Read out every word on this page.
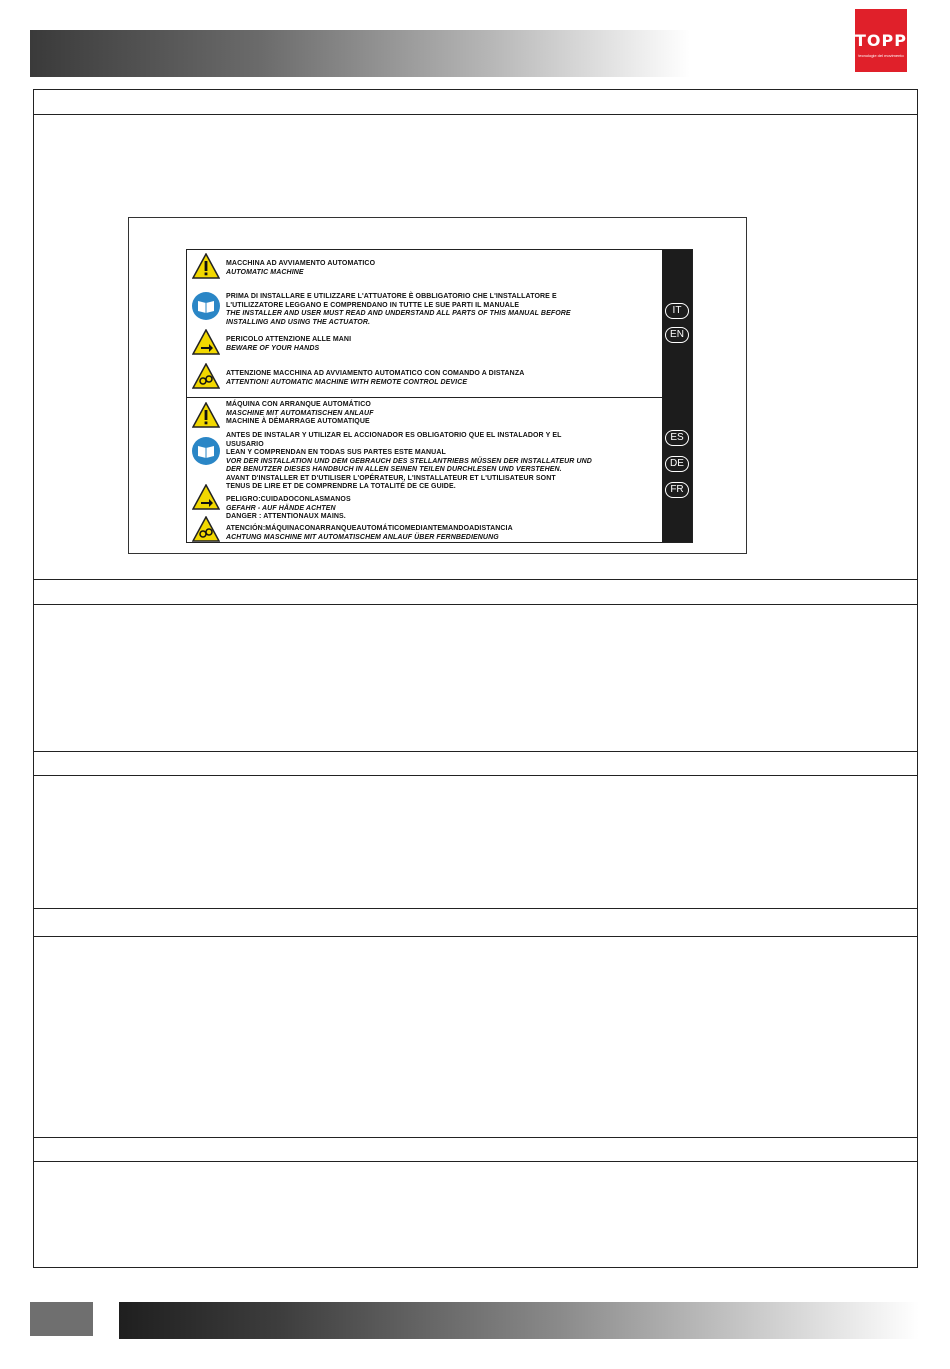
TOPP
tecnologie del movimento
IT
EN
ES
DE
FR
MACCHINA AD AVVIAMENTO AUTOMATICO
AUTOMATIC MACHINE
PRIMA DI INSTALLARE E UTILIZZARE L'ATTUATORE È OBBLIGATORIO CHE L'INSTALLATORE E
L'UTILIZZATORE LEGGANO E COMPRENDANO IN TUTTE LE SUE PARTI IL MANUALE
THE INSTALLER AND USER MUST READ AND UNDERSTAND ALL PARTS OF THIS MANUAL BEFORE
INSTALLING AND USING THE ACTUATOR.
PERICOLO ATTENZIONE ALLE MANI
BEWARE OF YOUR HANDS
ATTENZIONE MACCHINA AD AVVIAMENTO AUTOMATICO CON COMANDO A DISTANZA
ATTENTION! AUTOMATIC MACHINE WITH REMOTE CONTROL DEVICE
MÁQUINA CON ARRANQUE AUTOMÁTICO
MASCHINE MIT AUTOMATISCHEN ANLAUF
MACHINE À DÉMARRAGE AUTOMATIQUE
ANTES DE INSTALAR Y UTILIZAR EL ACCIONADOR ES OBLIGATORIO QUE EL INSTALADOR Y EL
USUSARIO
LEAN Y COMPRENDAN EN TODAS SUS PARTES ESTE MANUAL
VOR DER INSTALLATION UND DEM GEBRAUCH DES STELLANTRIEBS MÜSSEN DER INSTALLATEUR UND
DER BENUTZER DIESES HANDBUCH IN ALLEN SEINEN TEILEN DURCHLESEN UND VERSTEHEN.
AVANT D'INSTALLER ET D'UTILISER L'OPÉRATEUR, L'INSTALLATEUR ET L'UTILISATEUR SONT
TENUS DE LIRE ET DE COMPRENDRE LA TOTALITÉ DE CE GUIDE.
PELIGRO:CUIDADOCONLASMANOS
GEFAHR - AUF HÄNDE ACHTEN
DANGER : ATTENTIONAUX MAINS.
ATENCIÓN:MÁQUINACONARRANQUEAUTOMÁTICOMEDIANTEMANDOADISTANCIA
ACHTUNG MASCHINE MIT AUTOMATISCHEM ANLAUF ÜBER FERNBEDIENUNG
